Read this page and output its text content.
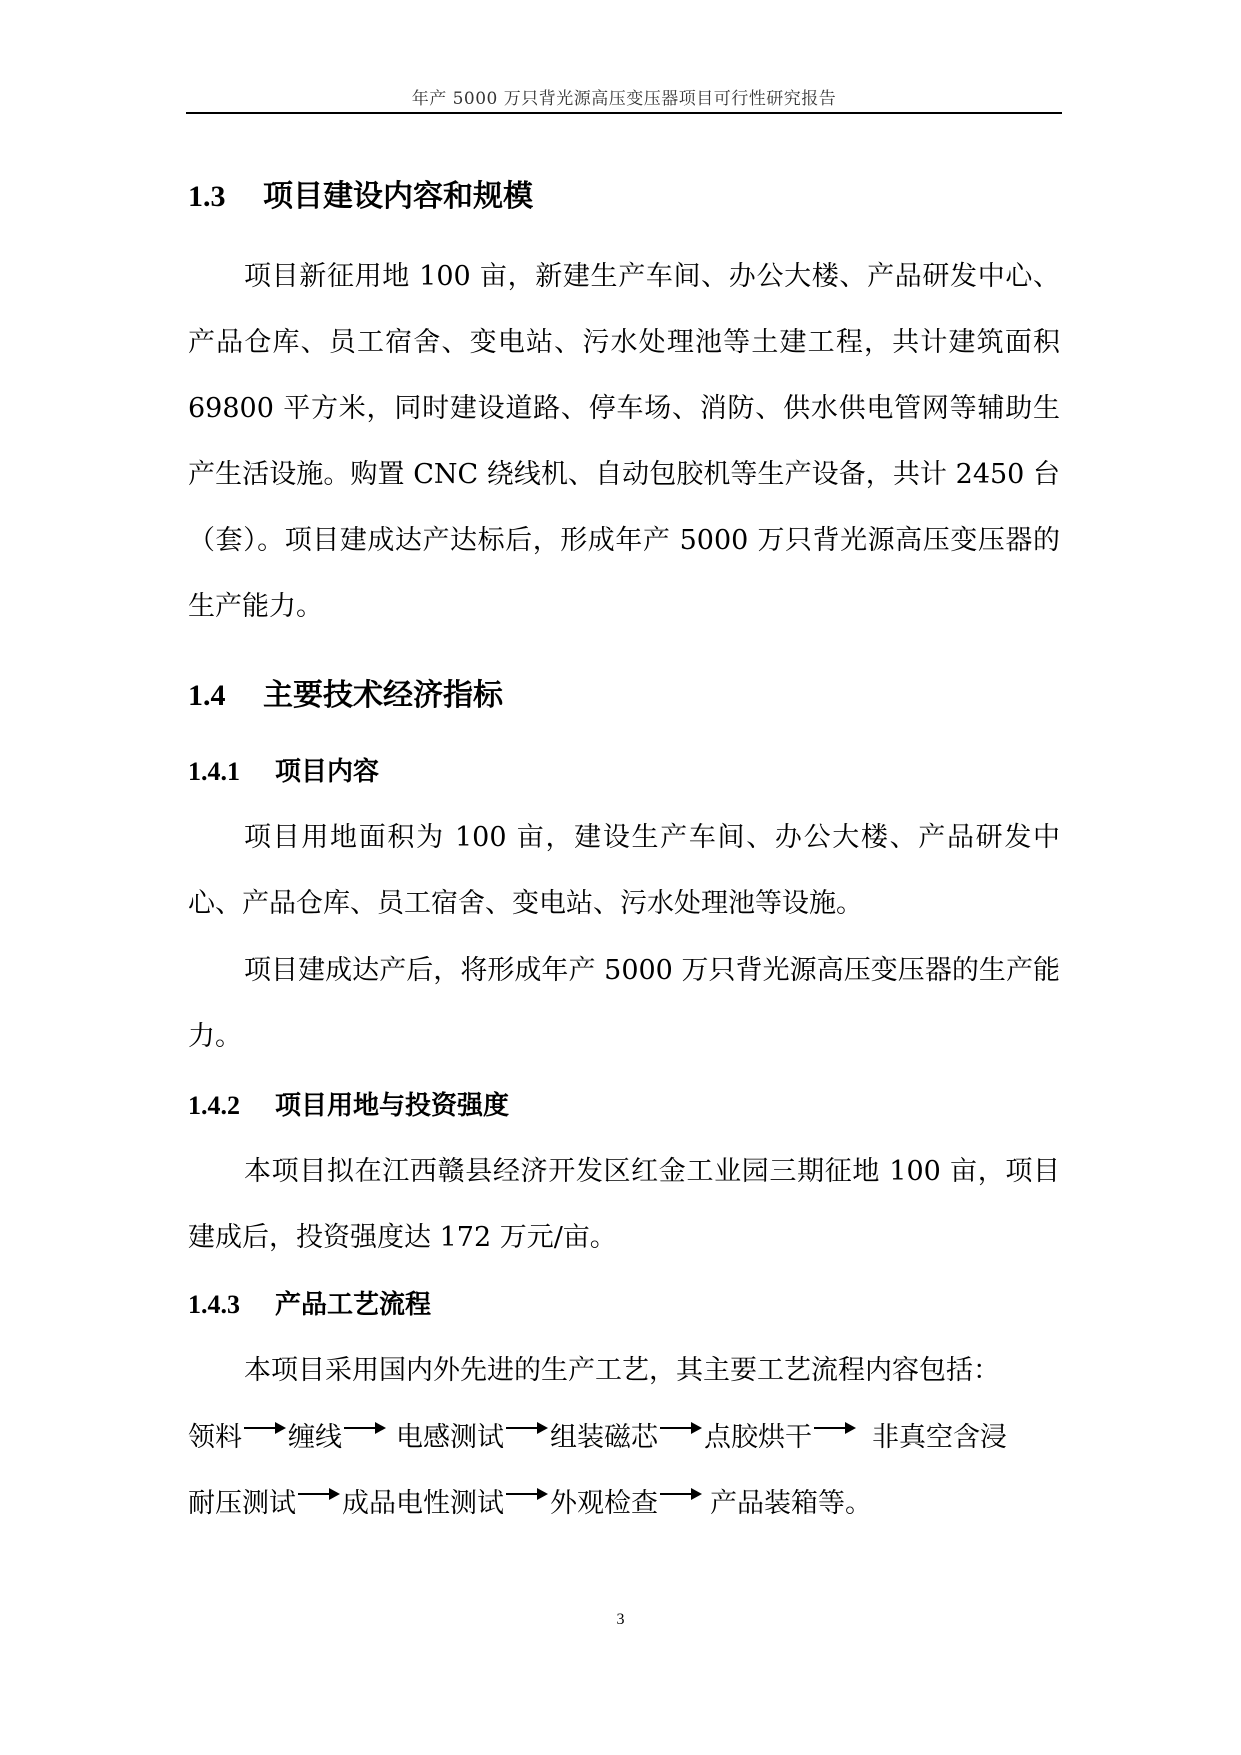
年产 5000 万只背光源高压变压器项目可行性研究报告
1.3 项目建设内容和规模

项目新征用地 100 亩，新建生产车间、办公大楼、产品研发中心、产品仓库、员工宿舍、变电站、污水处理池等土建工程，共计建筑面积 69800 平方米，同时建设道路、停车场、消防、供水供电管网等辅助生产生活设施。购置 CNC 绕线机、自动包胶机等生产设备，共计 2450 台（套）。项目建成达产达标后，形成年产 5000 万只背光源高压变压器的生产能力。

1.4 主要技术经济指标
1.4.1 项目内容

项目用地面积为 100 亩，建设生产车间、办公大楼、产品研发中心、产品仓库、员工宿舍、变电站、污水处理池等设施。

项目建成达产后，将形成年产 5000 万只背光源高压变压器的生产能力。

1.4.2 项目用地与投资强度

本项目拟在江西赣县经济开发区红金工业园三期征地 100 亩，项目建成后，投资强度达 172 万元/亩。

1.4.3 产品工艺流程

本项目采用国内外先进的生产工艺，其主要工艺流程内容包括：

领料 缠线 电感测试 组装磁芯 点胶烘干 非真空含浸
耐压测试 成品电性测试 外观检查 产品装箱等。
3
